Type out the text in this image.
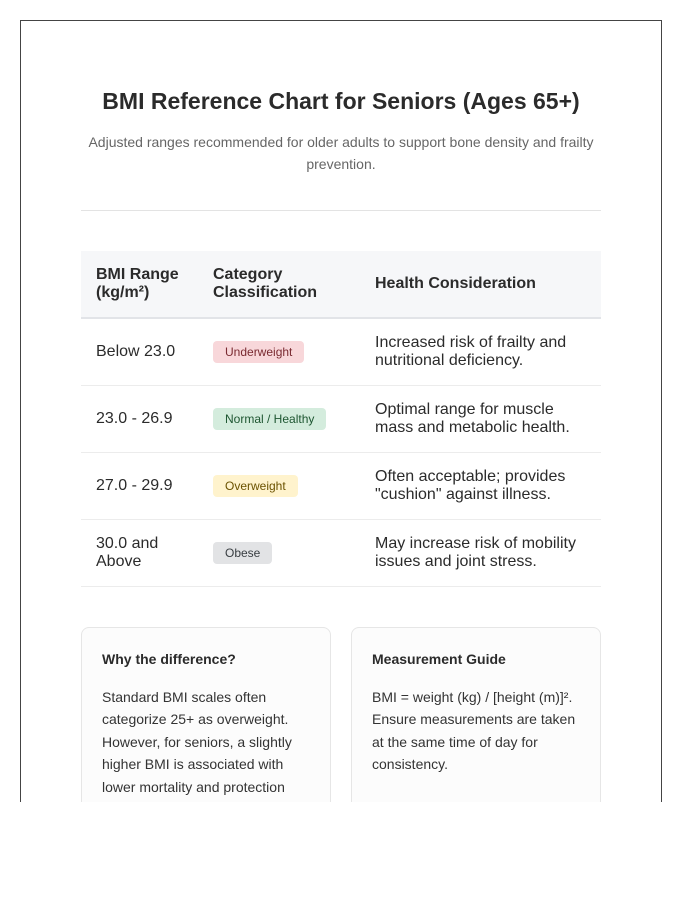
BMI Reference Chart for Seniors (Ages 65+)

Adjusted ranges recommended for older adults to support bone density and frailty prevention.

BMI Range (kg/m²)	Category Classification	Health Consideration
Below 23.0	Underweight	Increased risk of frailty and nutritional deficiency.
23.0 - 26.9	Normal / Healthy	Optimal range for muscle mass and metabolic health.
27.0 - 29.9	Overweight	Often acceptable; provides "cushion" against illness.
30.0 and Above	Obese	May increase risk of mobility issues and joint stress.
Why the difference?
Standard BMI scales often categorize 25+ as overweight. However, for seniors, a slightly higher BMI is associated with lower mortality and protection
Measurement Guide
BMI = weight (kg) / [height (m)]². Ensure measurements are taken at the same time of day for consistency.
